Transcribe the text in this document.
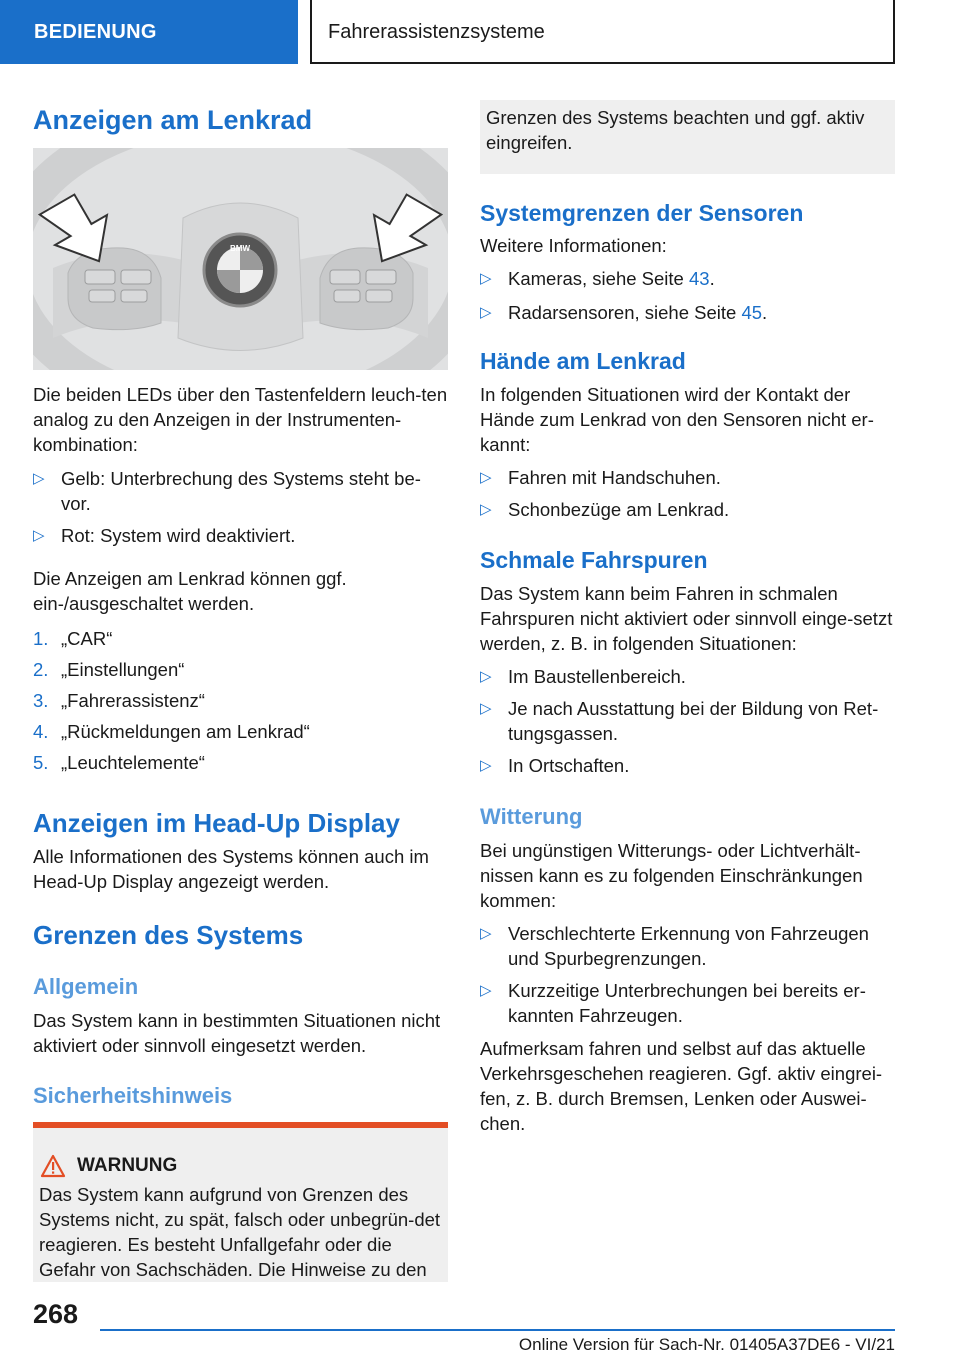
BEDIENUNG	Fahrerassistenzsysteme
Anzeigen am Lenkrad
BMW
Die beiden LEDs über den Tastenfeldern leuch-ten analog zu den Anzeigen in der Instrumenten-kombination:
▷ Gelb: Unterbrechung des Systems steht be-vor.
▷ Rot: System wird deaktiviert.
Die Anzeigen am Lenkrad können ggf. ein-/ausgeschaltet werden.
1. „CAR“
2. „Einstellungen“
3. „Fahrerassistenz“
4. „Rückmeldungen am Lenkrad“
5. „Leuchtelemente“
Anzeigen im Head-Up Display
Alle Informationen des Systems können auch im Head-Up Display angezeigt werden.
Grenzen des Systems
Allgemein
Das System kann in bestimmten Situationen nicht aktiviert oder sinnvoll eingesetzt werden.
Sicherheitshinweis
WARNUNG
Das System kann aufgrund von Grenzen des Systems nicht, zu spät, falsch oder unbegrün-det reagieren. Es besteht Unfallgefahr oder die Gefahr von Sachschäden. Die Hinweise zu den
Grenzen des Systems beachten und ggf. aktiv eingreifen.
Systemgrenzen der Sensoren
Weitere Informationen:
▷ Kameras, siehe Seite 43.
▷ Radarsensoren, siehe Seite 45.
Hände am Lenkrad
In folgenden Situationen wird der Kontakt der Hände zum Lenkrad von den Sensoren nicht er-kannt:
▷ Fahren mit Handschuhen.
▷ Schonbezüge am Lenkrad.
Schmale Fahrspuren
Das System kann beim Fahren in schmalen Fahrspuren nicht aktiviert oder sinnvoll einge-setzt werden, z. B. in folgenden Situationen:
▷ Im Baustellenbereich.
▷ Je nach Ausstattung bei der Bildung von Ret-tungsgassen.
▷ In Ortschaften.
Witterung
Bei ungünstigen Witterungs- oder Lichtverhält-nissen kann es zu folgenden Einschränkungen kommen:
▷ Verschlechterte Erkennung von Fahrzeugen und Spurbegrenzungen.
▷ Kurzzeitige Unterbrechungen bei bereits er-kannten Fahrzeugen.
Aufmerksam fahren und selbst auf das aktuelle Verkehrsgeschehen reagieren. Ggf. aktiv eingrei-fen, z. B. durch Bremsen, Lenken oder Auswei-chen.
268
Online Version für Sach-Nr. 01405A37DE6 - VI/21
